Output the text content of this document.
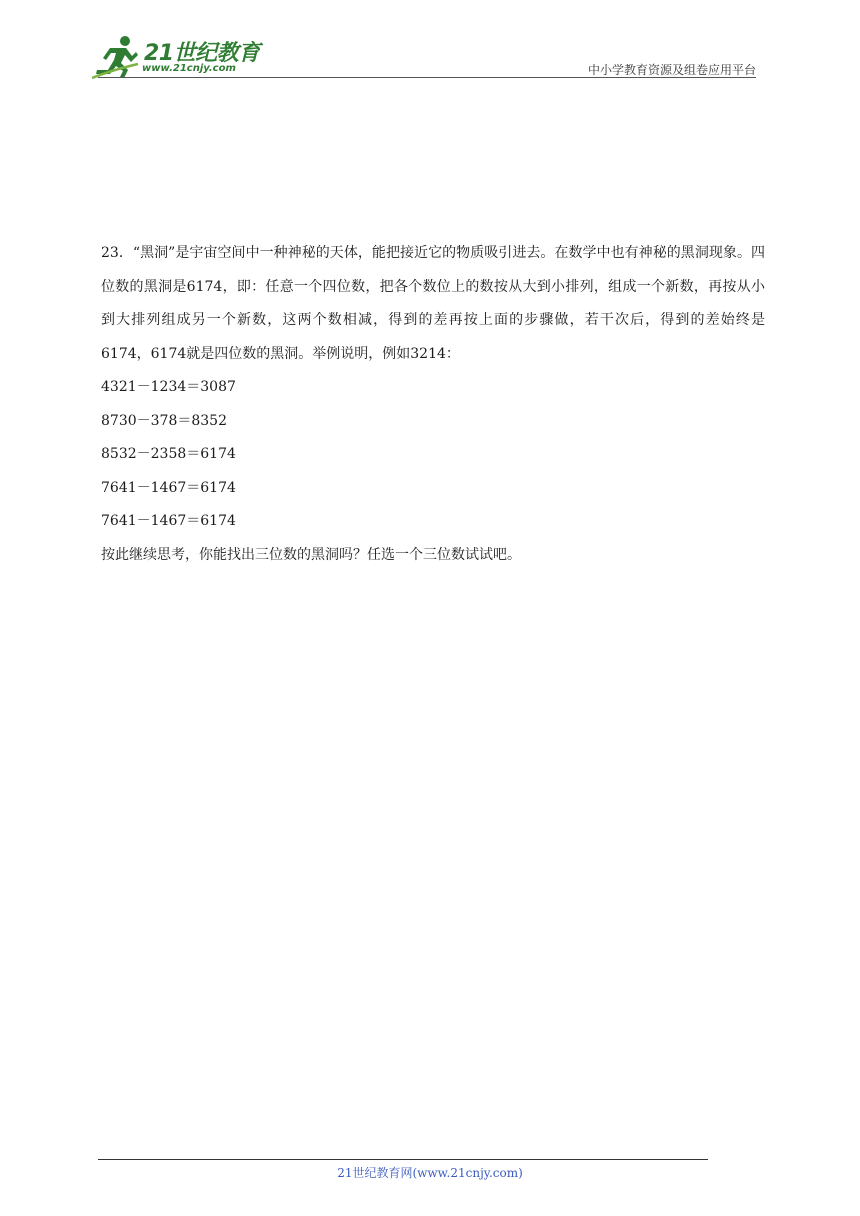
21世纪教育
www.21cnjy.com	中小学教育资源及组卷应用平台

23．“黑洞”是宇宙空间中一种神秘的天体，能把接近它的物质吸引进去。在数学中也有神秘的黑洞现象。四位数的黑洞是6174，即：任意一个四位数，把各个数位上的数按从大到小排列，组成一个新数，再按从小到大排列组成另一个新数，这两个数相减，得到的差再按上面的步骤做，若干次后，得到的差始终是6174，6174就是四位数的黑洞。举例说明，例如3214：

4321－1234＝3087
8730－378＝8352
8532－2358＝6174
7641－1467＝6174
7641－1467＝6174

按此继续思考，你能找出三位数的黑洞吗？任选一个三位数试试吧。

21世纪教育网(www.21cnjy.com)
